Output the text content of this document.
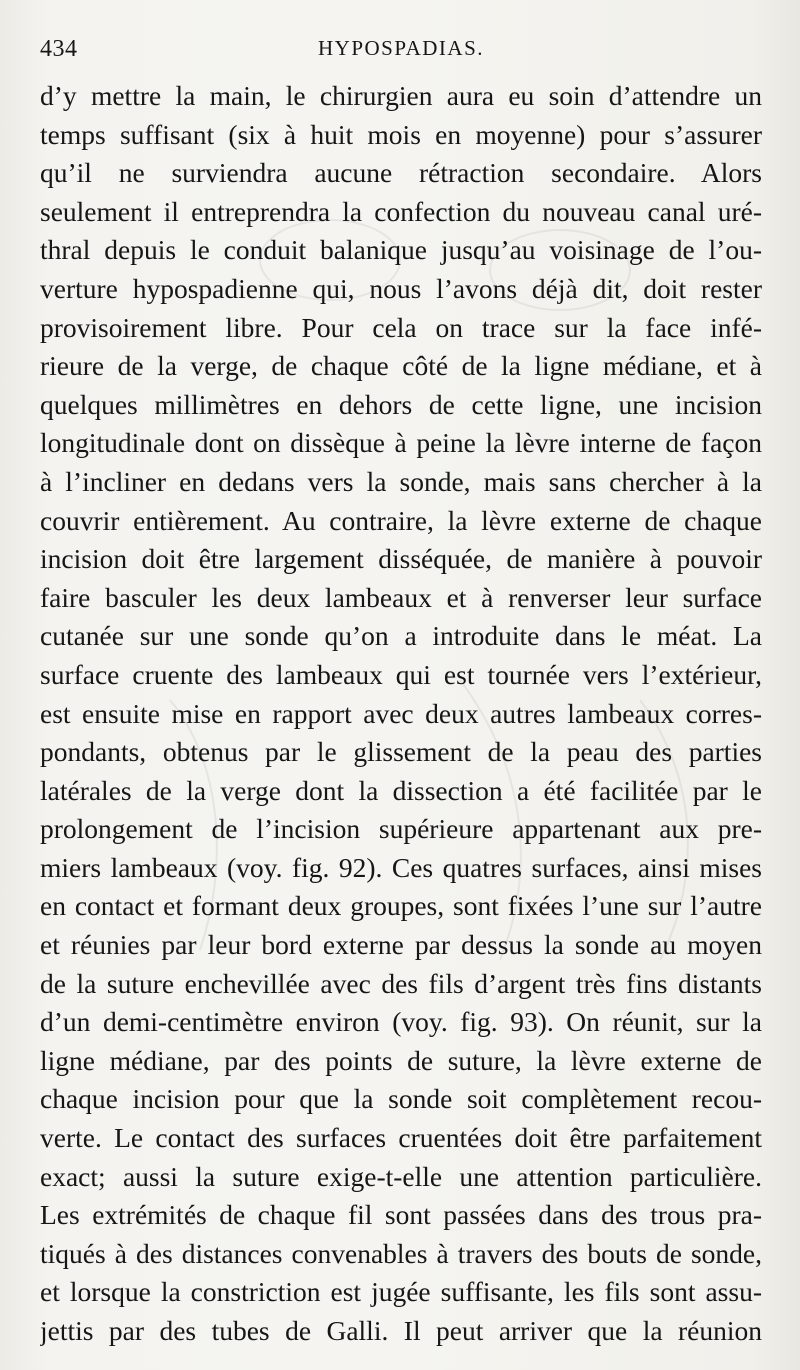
434	HYPOSPADIAS.
d’y mettre la main, le chirurgien aura eu soin d’attendre un
temps suffisant (six à huit mois en moyenne) pour s’assurer
qu’il ne surviendra aucune rétraction secondaire. Alors
seulement il entreprendra la confection du nouveau canal uré-
thral depuis le conduit balanique jusqu’au voisinage de l’ou-
verture hypospadienne qui, nous l’avons déjà dit, doit rester
provisoirement libre. Pour cela on trace sur la face infé-
rieure de la verge, de chaque côté de la ligne médiane, et à
quelques millimètres en dehors de cette ligne, une incision
longitudinale dont on dissèque à peine la lèvre interne de façon
à l’incliner en dedans vers la sonde, mais sans chercher à la
couvrir entièrement. Au contraire, la lèvre externe de chaque
incision doit être largement disséquée, de manière à pouvoir
faire basculer les deux lambeaux et à renverser leur surface
cutanée sur une sonde qu’on a introduite dans le méat. La
surface cruente des lambeaux qui est tournée vers l’extérieur,
est ensuite mise en rapport avec deux autres lambeaux corres-
pondants, obtenus par le glissement de la peau des parties
latérales de la verge dont la dissection a été facilitée par le
prolongement de l’incision supérieure appartenant aux pre-
miers lambeaux (voy. fig. 92). Ces quatres surfaces, ainsi mises
en contact et formant deux groupes, sont fixées l’une sur l’autre
et réunies par leur bord externe par dessus la sonde au moyen
de la suture enchevillée avec des fils d’argent très fins distants
d’un demi-centimètre environ (voy. fig. 93). On réunit, sur la
ligne médiane, par des points de suture, la lèvre externe de
chaque incision pour que la sonde soit complètement recou-
verte. Le contact des surfaces cruentées doit être parfaitement
exact; aussi la suture exige-t-elle une attention particulière.
Les extrémités de chaque fil sont passées dans des trous pra-
tiqués à des distances convenables à travers des bouts de sonde,
et lorsque la constriction est jugée suffisante, les fils sont assu-
jettis par des tubes de Galli. Il peut arriver que la réunion
